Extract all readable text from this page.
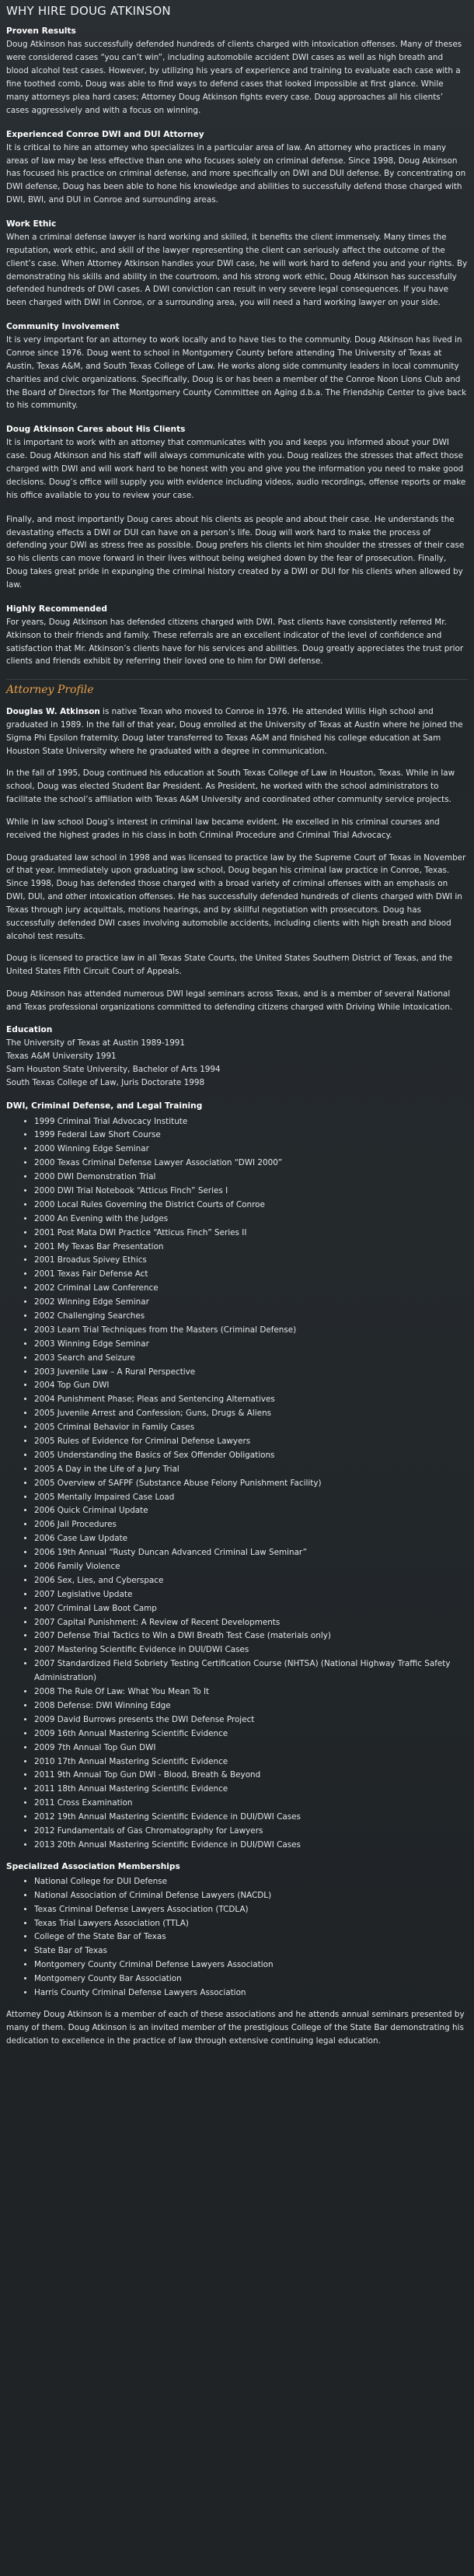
WHY HIRE DOUG ATKINSON
Proven Results
Doug Atkinson has successfully defended hundreds of clients charged with intoxication offenses. Many of theses were considered cases “you can’t win”, including automobile accident DWI cases as well as high breath and blood alcohol test cases. However, by utilizing his years of experience and training to evaluate each case with a fine toothed comb, Doug was able to find ways to defend cases that looked impossible at first glance. While many attorneys plea hard cases; Attorney Doug Atkinson fights every case. Doug approaches all his clients’ cases aggressively and with a focus on winning.
Experienced Conroe DWI and DUI Attorney
It is critical to hire an attorney who specializes in a particular area of law. An attorney who practices in many areas of law may be less effective than one who focuses solely on criminal defense. Since 1998, Doug Atkinson has focused his practice on criminal defense, and more specifically on DWI and DUI defense. By concentrating on DWI defense, Doug has been able to hone his knowledge and abilities to successfully defend those charged with DWI, BWI, and DUI in Conroe and surrounding areas.
Work Ethic
When a criminal defense lawyer is hard working and skilled, it benefits the client immensely. Many times the reputation, work ethic, and skill of the lawyer representing the client can seriously affect the outcome of the client’s case. When Attorney Atkinson handles your DWI case, he will work hard to defend you and your rights. By demonstrating his skills and ability in the courtroom, and his strong work ethic, Doug Atkinson has successfully defended hundreds of DWI cases. A DWI conviction can result in very severe legal consequences. If you have been charged with DWI in Conroe, or a surrounding area, you will need a hard working lawyer on your side.
Community Involvement
It is very important for an attorney to work locally and to have ties to the community. Doug Atkinson has lived in Conroe since 1976. Doug went to school in Montgomery County before attending The University of Texas at Austin, Texas A&M, and South Texas College of Law. He works along side community leaders in local community charities and civic organizations. Specifically, Doug is or has been a member of the Conroe Noon Lions Club and the Board of Directors for The Montgomery County Committee on Aging d.b.a. The Friendship Center to give back to his community.
Doug Atkinson Cares about His Clients

It is important to work with an attorney that communicates with you and keeps you informed about your DWI case. Doug Atkinson and his staff will always communicate with you. Doug realizes the stresses that affect those charged with DWI and will work hard to be honest with you and give you the information you need to make good decisions. Doug’s office will supply you with evidence including videos, audio recordings, offense reports or make his office available to you to review your case.

Finally, and most importantly Doug cares about his clients as people and about their case. He understands the devastating effects a DWI or DUI can have on a person’s life. Doug will work hard to make the process of defending your DWI as stress free as possible. Doug prefers his clients let him shoulder the stresses of their case so his clients can move forward in their lives without being weighed down by the fear of prosecution. Finally, Doug takes great pride in expunging the criminal history created by a DWI or DUI for his clients when allowed by law.
Highly Recommended
For years, Doug Atkinson has defended citizens charged with DWI. Past clients have consistently referred Mr. Atkinson to their friends and family. These referrals are an excellent indicator of the level of confidence and satisfaction that Mr. Atkinson’s clients have for his services and abilities. Doug greatly appreciates the trust prior clients and friends exhibit by referring their loved one to him for DWI defense.
Attorney Profile

Douglas W. Atkinson is native Texan who moved to Conroe in 1976. He attended Willis High school and graduated in 1989. In the fall of that year, Doug enrolled at the University of Texas at Austin where he joined the Sigma Phi Epsilon fraternity. Doug later transferred to Texas A&M and finished his college education at Sam Houston State University where he graduated with a degree in communication.

In the fall of 1995, Doug continued his education at South Texas College of Law in Houston, Texas. While in law school, Doug was elected Student Bar President. As President, he worked with the school administrators to facilitate the school’s affiliation with Texas A&M University and coordinated other community service projects.

While in law school Doug’s interest in criminal law became evident. He excelled in his criminal courses and received the highest grades in his class in both Criminal Procedure and Criminal Trial Advocacy.

Doug graduated law school in 1998 and was licensed to practice law by the Supreme Court of Texas in November of that year. Immediately upon graduating law school, Doug began his criminal law practice in Conroe, Texas. Since 1998, Doug has defended those charged with a broad variety of criminal offenses with an emphasis on DWI, DUI, and other intoxication offenses. He has successfully defended hundreds of clients charged with DWI in Texas through jury acquittals, motions hearings, and by skillful negotiation with prosecutors. Doug has successfully defended DWI cases involving automobile accidents, including clients with high breath and blood alcohol test results.

Doug is licensed to practice law in all Texas State Courts, the United States Southern District of Texas, and the United States Fifth Circuit Court of Appeals.

Doug Atkinson has attended numerous DWI legal seminars across Texas, and is a member of several National and Texas professional organizations committed to defending citizens charged with Driving While Intoxication.

Education
The University of Texas at Austin 1989-1991
Texas A&M University 1991
Sam Houston State University, Bachelor of Arts 1994
South Texas College of Law, Juris Doctorate 1998
DWI, Criminal Defense, and Legal Training
• 1999 Criminal Trial Advocacy Institute
• 1999 Federal Law Short Course
• 2000 Winning Edge Seminar
• 2000 Texas Criminal Defense Lawyer Association “DWI 2000”
• 2000 DWI Demonstration Trial
• 2000 DWI Trial Notebook “Atticus Finch” Series I
• 2000 Local Rules Governing the District Courts of Conroe
• 2000 An Evening with the Judges
• 2001 Post Mata DWI Practice “Atticus Finch” Series II
• 2001 My Texas Bar Presentation
• 2001 Broadus Spivey Ethics
• 2001 Texas Fair Defense Act
• 2002 Criminal Law Conference
• 2002 Winning Edge Seminar
• 2002 Challenging Searches
• 2003 Learn Trial Techniques from the Masters (Criminal Defense)
• 2003 Winning Edge Seminar
• 2003 Search and Seizure
• 2003 Juvenile Law – A Rural Perspective
• 2004 Top Gun DWI
• 2004 Punishment Phase; Pleas and Sentencing Alternatives
• 2005 Juvenile Arrest and Confession; Guns, Drugs & Aliens
• 2005 Criminal Behavior in Family Cases
• 2005 Rules of Evidence for Criminal Defense Lawyers
• 2005 Understanding the Basics of Sex Offender Obligations
• 2005 A Day in the Life of a Jury Trial
• 2005 Overview of SAFPF (Substance Abuse Felony Punishment Facility)
• 2005 Mentally Impaired Case Load
• 2006 Quick Criminal Update
• 2006 Jail Procedures
• 2006 Case Law Update
• 2006 19th Annual “Rusty Duncan Advanced Criminal Law Seminar”
• 2006 Family Violence
• 2006 Sex, Lies, and Cyberspace
• 2007 Legislative Update
• 2007 Criminal Law Boot Camp
• 2007 Capital Punishment: A Review of Recent Developments
• 2007 Defense Trial Tactics to Win a DWI Breath Test Case (materials only)
• 2007 Mastering Scientific Evidence in DUI/DWI Cases
• 2007 Standardized Field Sobriety Testing Certification Course (NHTSA) (National Highway Traffic Safety Administration)
• 2008 The Rule Of Law: What You Mean To It
• 2008 Defense: DWI Winning Edge
• 2009 David Burrows presents the DWI Defense Project
• 2009 16th Annual Mastering Scientific Evidence
• 2009 7th Annual Top Gun DWI
• 2010 17th Annual Mastering Scientific Evidence
• 2011 9th Annual Top Gun DWI - Blood, Breath & Beyond
• 2011 18th Annual Mastering Scientific Evidence
• 2011 Cross Examination
• 2012 19th Annual Mastering Scientific Evidence in DUI/DWI Cases
• 2012 Fundamentals of Gas Chromatography for Lawyers
• 2013 20th Annual Mastering Scientific Evidence in DUI/DWI Cases
Specialized Association Memberships
• National College for DUI Defense
• National Association of Criminal Defense Lawyers (NACDL)
• Texas Criminal Defense Lawyers Association (TCDLA)
• Texas Trial Lawyers Association (TTLA)
• College of the State Bar of Texas
• State Bar of Texas
• Montgomery County Criminal Defense Lawyers Association
• Montgomery County Bar Association
• Harris County Criminal Defense Lawyers Association

Attorney Doug Atkinson is a member of each of these associations and he attends annual seminars presented by many of them. Doug Atkinson is an invited member of the prestigious College of the State Bar demonstrating his dedication to excellence in the practice of law through extensive continuing legal education.
